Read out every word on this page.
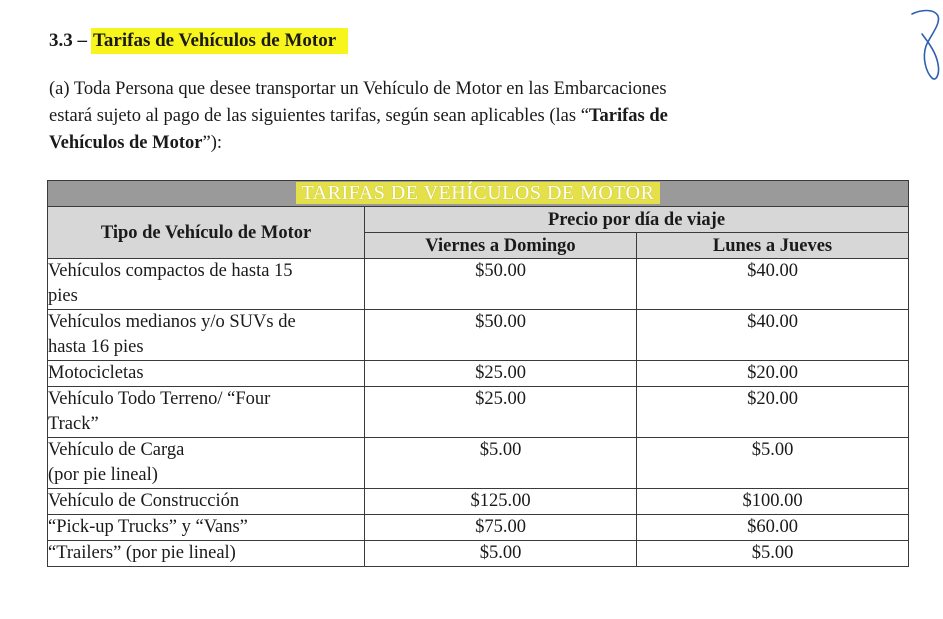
3.3 – Tarifas de Vehículos de Motor
(a) Toda Persona que desee transportar un Vehículo de Motor en las Embarcaciones
estará sujeto al pago de las siguientes tarifas, según sean aplicables (las “Tarifas de
Vehículos de Motor”):
TARIFAS DE VEHÍCULOS DE MOTOR		
Tipo de Vehículo de Motor	Precio por día de viaje	
	Viernes a Domingo	Lunes a Jueves

Vehículos compactos de hasta 15
pies	$50.00	$40.00

Vehículos medianos y/o SUVs de
hasta 16 pies	$50.00	$40.00
Motocicletas	$25.00	$20.00

Vehículo Todo Terreno/ “Four
Track”	$25.00	$20.00

Vehículo de Carga
(por pie lineal)	$5.00	$5.00
Vehículo de Construcción	$125.00	$100.00
“Pick-up Trucks” y “Vans”	$75.00	$60.00
“Trailers” (por pie lineal)	$5.00	$5.00
